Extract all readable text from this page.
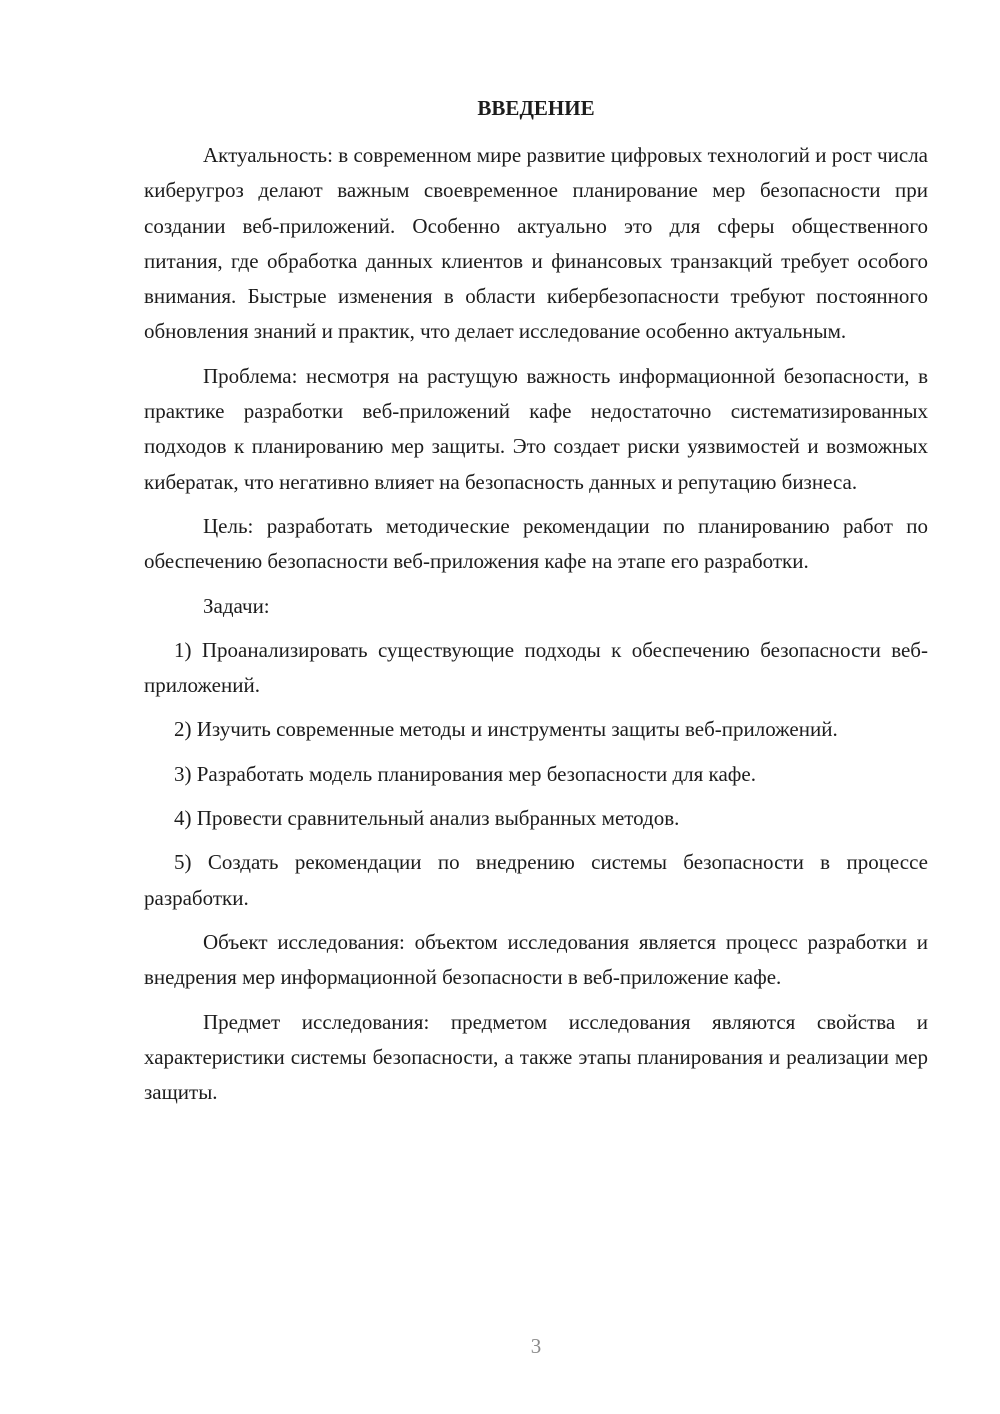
ВВЕДЕНИЕ

Актуальность: в современном мире развитие цифровых технологий и рост числа киберугроз делают важным своевременное планирование мер безопасности при создании веб-приложений. Особенно актуально это для сферы общественного питания, где обработка данных клиентов и финансовых транзакций требует особого внимания. Быстрые изменения в области кибербезопасности требуют постоянного обновления знаний и практик, что делает исследование особенно актуальным.

Проблема: несмотря на растущую важность информационной безопасности, в практике разработки веб-приложений кафе недостаточно систематизированных подходов к планированию мер защиты. Это создает риски уязвимостей и возможных кибератак, что негативно влияет на безопасность данных и репутацию бизнеса.

Цель: разработать методические рекомендации по планированию работ по обеспечению безопасности веб-приложения кафе на этапе его разработки.

Задачи:

1) Проанализировать существующие подходы к обеспечению безопасности веб-приложений.

2) Изучить современные методы и инструменты защиты веб-приложений.

3) Разработать модель планирования мер безопасности для кафе.

4) Провести сравнительный анализ выбранных методов.

5) Создать рекомендации по внедрению системы безопасности в процессе разработки.

Объект исследования: объектом исследования является процесс разработки и внедрения мер информационной безопасности в веб-приложение кафе.

Предмет исследования: предметом исследования являются свойства и характеристики системы безопасности, а также этапы планирования и реализации мер защиты.

3
